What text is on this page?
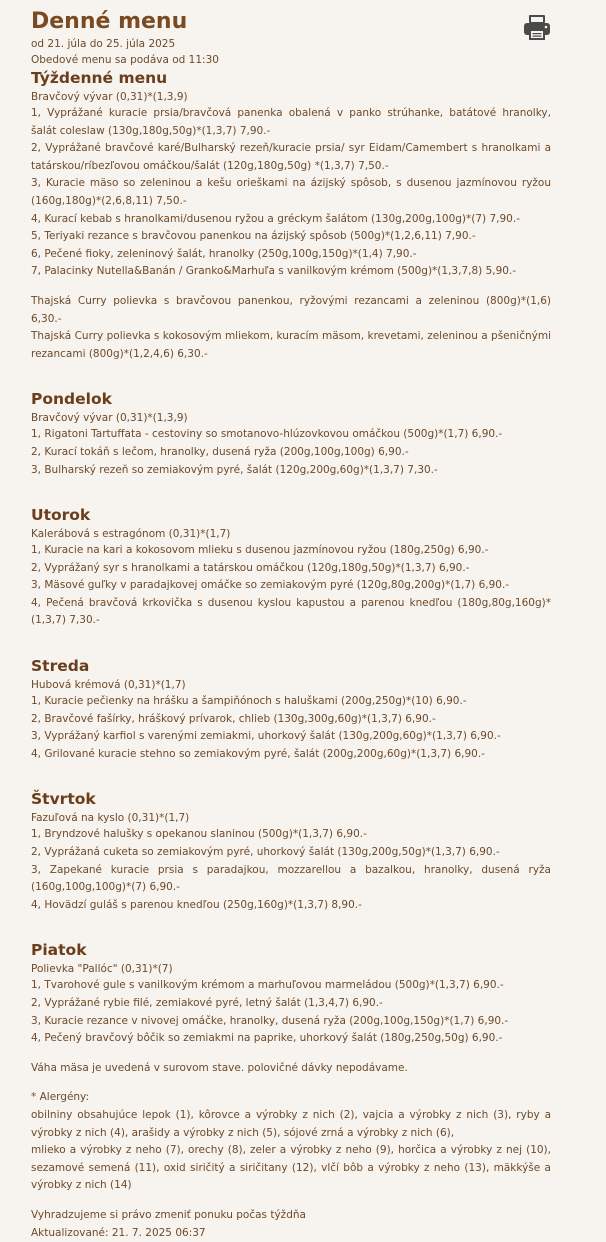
Denné menu

od 21. júla do 25. júla 2025

Obedové menu sa podáva od 11:30

Týždenné menu

Bravčový vývar (0,31)*(1,3,9)

1, Vyprážané kuracie prsia/bravčová panenka obalená v panko strúhanke, batátové hranolky, šalát coleslaw (130g,180g,50g)*(1,3,7) 7,90.-
2, Vyprážané bravčové karé/Bulharský rezeň/kuracie prsia/ syr Eidam/Camembert s hranolkami a tatárskou/ríbezľovou omáčkou/šalát (120g,180g,50g) *(1,3,7) 7,50.-
3, Kuracie mäso so zeleninou a kešu orieškami na ázijský spôsob, s dusenou jazmínovou ryžou (160g,180g)*(2,6,8,11) 7,50.-
4, Kurací kebab s hranolkami/dusenou ryžou a gréckym šalátom (130g,200g,100g)*(7) 7,90.-
5, Teriyaki rezance s bravčovou panenkou na ázijský spôsob (500g)*(1,2,6,11) 7,90.-
6, Pečené fioky, zeleninový šalát, hranolky (250g,100g,150g)*(1,4) 7,90.-
7, Palacinky Nutella&Banán / Granko&Marhuľa s vanilkovým krémom (500g)*(1,3,7,8) 5,90.-
Thajská Curry polievka s bravčovou panenkou, ryžovými rezancami a zeleninou (800g)*(1,6) 6,30.-
Thajská Curry polievka s kokosovým mliekom, kuracím mäsom, krevetami, zeleninou a pšeničnými rezancami (800g)*(1,2,4,6) 6,30.-
Pondelok

Bravčový vývar (0,31)*(1,3,9)

1, Rigatoni Tartuffata - cestoviny so smotanovo-hlúzovkovou omáčkou (500g)*(1,7) 6,90.-
2, Kurací tokáň s lečom, hranolky, dusená ryža (200g,100g,100g) 6,90.-
3, Bulharský rezeň so zemiakovým pyré, šalát (120g,200g,60g)*(1,3,7) 7,30.-
Utorok

Kalerábová s estragónom (0,31)*(1,7)

1, Kuracie na kari a kokosovom mlieku s dusenou jazmínovou ryžou (180g,250g) 6,90.-
2, Vyprážaný syr s hranolkami a tatárskou omáčkou (120g,180g,50g)*(1,3,7) 6,90.-
3, Mäsové guľky v paradajkovej omáčke so zemiakovým pyré (120g,80g,200g)*(1,7) 6,90.-
4, Pečená bravčová krkovička s dusenou kyslou kapustou a parenou knedľou (180g,80g,160g)*(1,3,7) 7,30.-
Streda

Hubová krémová (0,31)*(1,7)

1, Kuracie pečienky na hrášku a šampiňónoch s haluškami (200g,250g)*(10) 6,90.-
2, Bravčové fašírky, hráškový prívarok, chlieb (130g,300g,60g)*(1,3,7) 6,90.-
3, Vyprážaný karfiol s varenými zemiakmi, uhorkový šalát (130g,200g,60g)*(1,3,7) 6,90.-
4, Grilované kuracie stehno so zemiakovým pyré, šalát (200g,200g,60g)*(1,3,7) 6,90.-
Štvrtok

Fazuľová na kyslo (0,31)*(1,7)

1, Bryndzové halušky s opekanou slaninou (500g)*(1,3,7) 6,90.-
2, Vyprážaná cuketa so zemiakovým pyré, uhorkový šalát (130g,200g,50g)*(1,3,7) 6,90.-
3, Zapekané kuracie prsia s paradajkou, mozzarellou a bazalkou, hranolky, dusená ryža (160g,100g,100g)*(7) 6,90.-
4, Hovädzí guláš s parenou knedľou (250g,160g)*(1,3,7) 8,90.-
Piatok

Polievka "Pallóc" (0,31)*(7)

1, Tvarohové gule s vanilkovým krémom a marhuľovou marmeládou (500g)*(1,3,7) 6,90.-
2, Vyprážané rybie filé, zemiakové pyré, letný šalát (1,3,4,7) 6,90.-
3, Kuracie rezance v nivovej omáčke, hranolky, dusená ryža (200g,100g,150g)*(1,7) 6,90.-
4, Pečený bravčový bôčik so zemiakmi na paprike, uhorkový šalát (180g,250g,50g) 6,90.-

Váha mäsa je uvedená v surovom stave. polovičné dávky nepodávame.

* Alergény:

obilniny obsahujúce lepok (1), kôrovce a výrobky z nich (2), vajcia a výrobky z nich (3), ryby a výrobky z nich (4), arašidy a výrobky z nich (5), sójové zrná a výrobky z nich (6),

mlieko a výrobky z neho (7), orechy (8), zeler a výrobky z neho (9), horčica a výrobky z nej (10), sezamové semená (11), oxid siričitý a siričitany (12), vlčí bôb a výrobky z neho (13), mäkkýše a výrobky z nich (14)

Vyhradzujeme si právo zmeniť ponuku počas týždňa

Aktualizované: 21. 7. 2025 06:37
